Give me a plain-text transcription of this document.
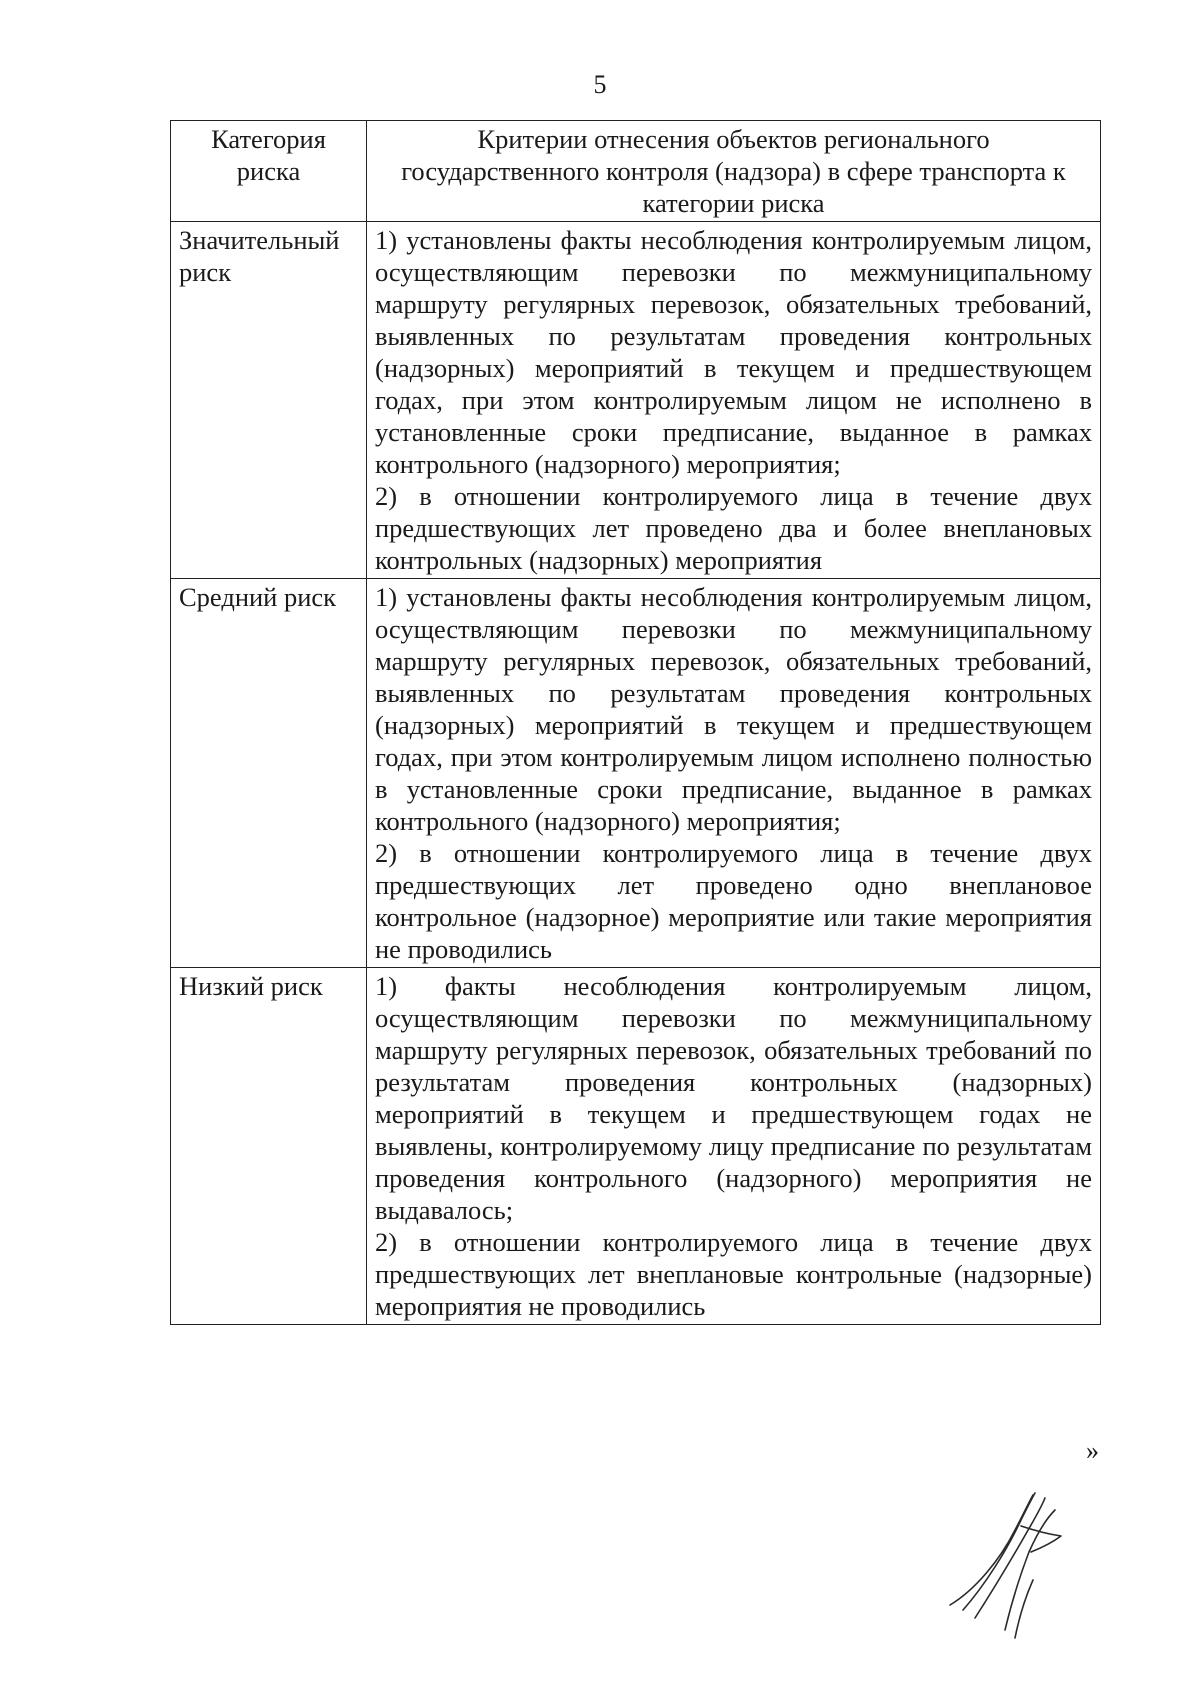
5
Категория риска	Критерии отнесения объектов регионального государственного контроля (надзора) в сфере транспорта к категории риска
Значительный риск	1) установлены факты несоблюдения контролируемым лицом, осуществляющим перевозки по межмуниципальному маршруту регулярных перевозок, обязательных требований, выявленных по результатам проведения контрольных (надзорных) мероприятий в текущем и предшествующем годах, при этом контролируемым лицом не исполнено в установленные сроки предписание, выданное в рамках контрольного (надзорного) мероприятия;

2) в отношении контролируемого лица в течение двух предшествующих лет проведено два и более внеплановых контрольных (надзорных) мероприятия

Средний риск	1) установлены факты несоблюдения контролируемым лицом, осуществляющим перевозки по межмуниципальному маршруту регулярных перевозок, обязательных требований, выявленных по результатам проведения контрольных (надзорных) мероприятий в текущем и предшествующем годах, при этом контролируемым лицом исполнено полностью в установленные сроки предписание, выданное в рамках контрольного (надзорного) мероприятия;

2) в отношении контролируемого лица в течение двух предшествующих лет проведено одно внеплановое контрольное (надзорное) мероприятие или такие мероприятия не проводились

Низкий риск	1) факты несоблюдения контролируемым лицом, осуществляющим перевозки по межмуниципальному маршруту регулярных перевозок, обязательных требований по результатам проведения контрольных (надзорных) мероприятий в текущем и предшествующем годах не выявлены, контролируемому лицу предписание по результатам проведения контрольного (надзорного) мероприятия не выдавалось;

2) в отношении контролируемого лица в течение двух предшествующих лет внеплановые контрольные (надзорные) мероприятия не проводились

»
